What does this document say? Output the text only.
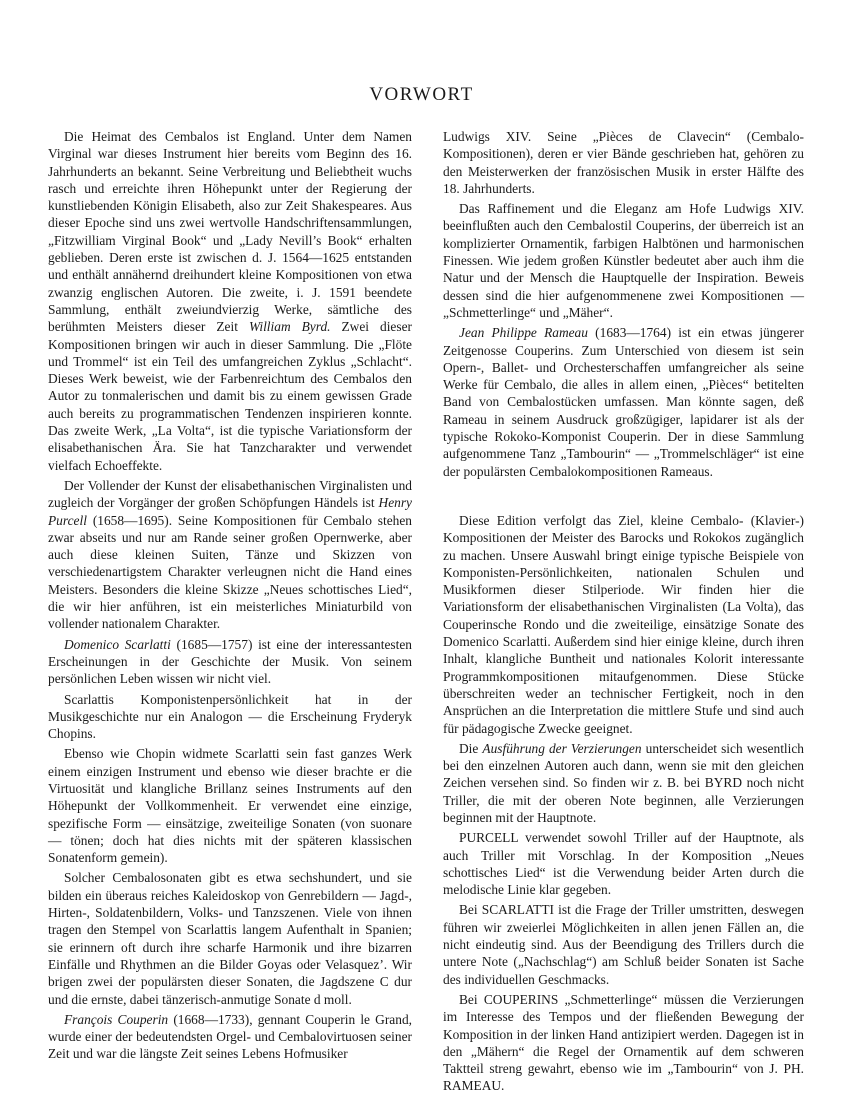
VORWORT

Die Heimat des Cembalos ist England. Unter dem Namen Virginal war dieses Instrument hier bereits vom Beginn des 16. Jahrhunderts an bekannt. Seine Verbreitung und Beliebtheit wuchs rasch und erreichte ihren Höhepunkt unter der Regierung der kunstliebenden Königin Elisabeth, also zur Zeit Shakespeares. Aus dieser Epoche sind uns zwei wertvolle Handschriftensammlungen, „Fitzwilliam Virginal Book“ und „Lady Nevill’s Book“ erhalten geblieben. Deren erste ist zwischen d. J. 1564—1625 entstanden und enthält annähernd dreihundert kleine Kompositionen von etwa zwanzig englischen Autoren. Die zweite, i. J. 1591 beendete Sammlung, enthält zweiundvierzig Werke, sämtliche des berühmten Meisters dieser Zeit William Byrd. Zwei dieser Kompositionen bringen wir auch in dieser Sammlung. Die „Flöte und Trommel“ ist ein Teil des umfangreichen Zyklus „Schlacht“. Dieses Werk beweist, wie der Farbenreichtum des Cembalos den Autor zu tonmalerischen und damit bis zu einem gewissen Grade auch bereits zu programmatischen Tendenzen inspirieren konnte. Das zweite Werk, „La Volta“, ist die typische Variationsform der elisabethanischen Ära. Sie hat Tanzcharakter und verwendet vielfach Echoeffekte.

Der Vollender der Kunst der elisabethanischen Virginalisten und zugleich der Vorgänger der großen Schöpfungen Händels ist Henry Purcell (1658—1695). Seine Kompositionen für Cembalo stehen zwar abseits und nur am Rande seiner großen Opernwerke, aber auch diese kleinen Suiten, Tänze und Skizzen von verschiedenartigstem Charakter verleugnen nicht die Hand eines Meisters. Besonders die kleine Skizze „Neues schottisches Lied“, die wir hier anführen, ist ein meisterliches Miniaturbild von vollender nationalem Charakter.

Domenico Scarlatti (1685—1757) ist eine der interessantesten Erscheinungen in der Geschichte der Musik. Von seinem persönlichen Leben wissen wir nicht viel.

Scarlattis Komponistenpersönlichkeit hat in der Musikgeschichte nur ein Analogon — die Erscheinung Fryderyk Chopins.

Ebenso wie Chopin widmete Scarlatti sein fast ganzes Werk einem einzigen Instrument und ebenso wie dieser brachte er die Virtuosität und klangliche Brillanz seines Instruments auf den Höhepunkt der Vollkommenheit. Er verwendet eine einzige, spezifische Form — einsätzige, zweiteilige Sonaten (von suonare — tönen; doch hat dies nichts mit der späteren klassischen Sonatenform gemein).

Solcher Cembalosonaten gibt es etwa sechshundert, und sie bilden ein überaus reiches Kaleidoskop von Genrebildern — Jagd-, Hirten-, Soldatenbildern, Volks- und Tanzszenen. Viele von ihnen tragen den Stempel von Scarlattis langem Aufenthalt in Spanien; sie erinnern oft durch ihre scharfe Harmonik und ihre bizarren Einfälle und Rhythmen an die Bilder Goyas oder Velasquez’. Wir brigen zwei der populärsten dieser Sonaten, die Jagdszene C dur und die ernste, dabei tänzerisch-anmutige Sonate d moll.

François Couperin (1668—1733), gennant Couperin le Grand, wurde einer der bedeutendsten Orgel- und Cembalovirtuosen seiner Zeit und war die längste Zeit seines Lebens Hofmusiker

Ludwigs XIV. Seine „Pièces de Clavecin“ (Cembalo-Kompositionen), deren er vier Bände geschrieben hat, gehören zu den Meisterwerken der französischen Musik in erster Hälfte des 18. Jahrhunderts.

Das Raffinement und die Eleganz am Hofe Ludwigs XIV. beeinflußten auch den Cembalostil Couperins, der überreich ist an komplizierter Ornamentik, farbigen Halbtönen und harmonischen Finessen. Wie jedem großen Künstler bedeutet aber auch ihm die Natur und der Mensch die Hauptquelle der Inspiration. Beweis dessen sind die hier aufgenommenene zwei Kompositionen — „Schmetterlinge“ und „Mäher“.

Jean Philippe Rameau (1683—1764) ist ein etwas jüngerer Zeitgenosse Couperins. Zum Unterschied von diesem ist sein Opern-, Ballet- und Orchesterschaffen umfangreicher als seine Werke für Cembalo, die alles in allem einen, „Pièces“ betitelten Band von Cembalostücken umfassen. Man könnte sagen, deß Rameau in seinem Ausdruck großzügiger, lapidarer ist als der typische Rokoko-Komponist Couperin. Der in diese Sammlung aufgenommene Tanz „Tambourin“ — „Trommelschläger“ ist eine der populärsten Cembalokompositionen Rameaus.

Diese Edition verfolgt das Ziel, kleine Cembalo- (Klavier-) Kompositionen der Meister des Barocks und Rokokos zugänglich zu machen. Unsere Auswahl bringt einige typische Beispiele von Komponisten-Persönlichkeiten, nationalen Schulen und Musikformen dieser Stilperiode. Wir finden hier die Variationsform der elisabethanischen Virginalisten (La Volta), das Couperinsche Rondo und die zweiteilige, einsätzige Sonate des Domenico Scarlatti. Außerdem sind hier einige kleine, durch ihren Inhalt, klangliche Buntheit und nationales Kolorit interessante Programmkompositionen mitaufgenommen. Diese Stücke überschreiten weder an technischer Fertigkeit, noch in den Ansprüchen an die Interpretation die mittlere Stufe und sind auch für pädagogische Zwecke geeignet.

Die Ausführung der Verzierungen unterscheidet sich wesentlich bei den einzelnen Autoren auch dann, wenn sie mit den gleichen Zeichen versehen sind. So finden wir z. B. bei BYRD noch nicht Triller, die mit der oberen Note beginnen, alle Verzierungen beginnen mit der Hauptnote.

PURCELL verwendet sowohl Triller auf der Hauptnote, als auch Triller mit Vorschlag. In der Komposition „Neues schottisches Lied“ ist die Verwendung beider Arten durch die melodische Linie klar gegeben.

Bei SCARLATTI ist die Frage der Triller umstritten, deswegen führen wir zweierlei Möglichkeiten in allen jenen Fällen an, die nicht eindeutig sind. Aus der Beendigung des Trillers durch die untere Note („Nachschlag“) am Schluß beider Sonaten ist Sache des individuellen Geschmacks.

Bei COUPERINS „Schmetterlinge“ müssen die Verzierungen im Interesse des Tempos und der fließenden Bewegung der Komposition in der linken Hand antizipiert werden. Dagegen ist in den „Mähern“ die Regel der Ornamentik auf dem schweren Taktteil streng gewahrt, ebenso wie im „Tambourin“ von J. PH. RAMEAU.
